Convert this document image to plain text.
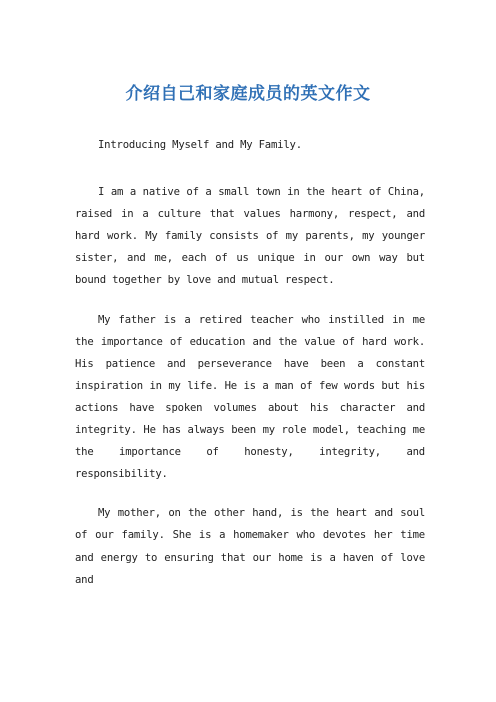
介绍自己和家庭成员的英文作文

Introducing Myself and My Family.

I am a native of a small town in the heart of China, raised in a culture that values harmony, respect, and hard work. My family consists of my parents, my younger sister, and me, each of us unique in our own way but bound together by love and mutual respect.

My father is a retired teacher who instilled in me the importance of education and the value of hard work. His patience and perseverance have been a constant inspiration in my life. He is a man of few words but his actions have spoken volumes about his character and integrity. He has always been my role model, teaching me the importance of honesty, integrity, and responsibility.

My mother, on the other hand, is the heart and soul of our family. She is a homemaker who devotes her time and energy to ensuring that our home is a haven of love and
